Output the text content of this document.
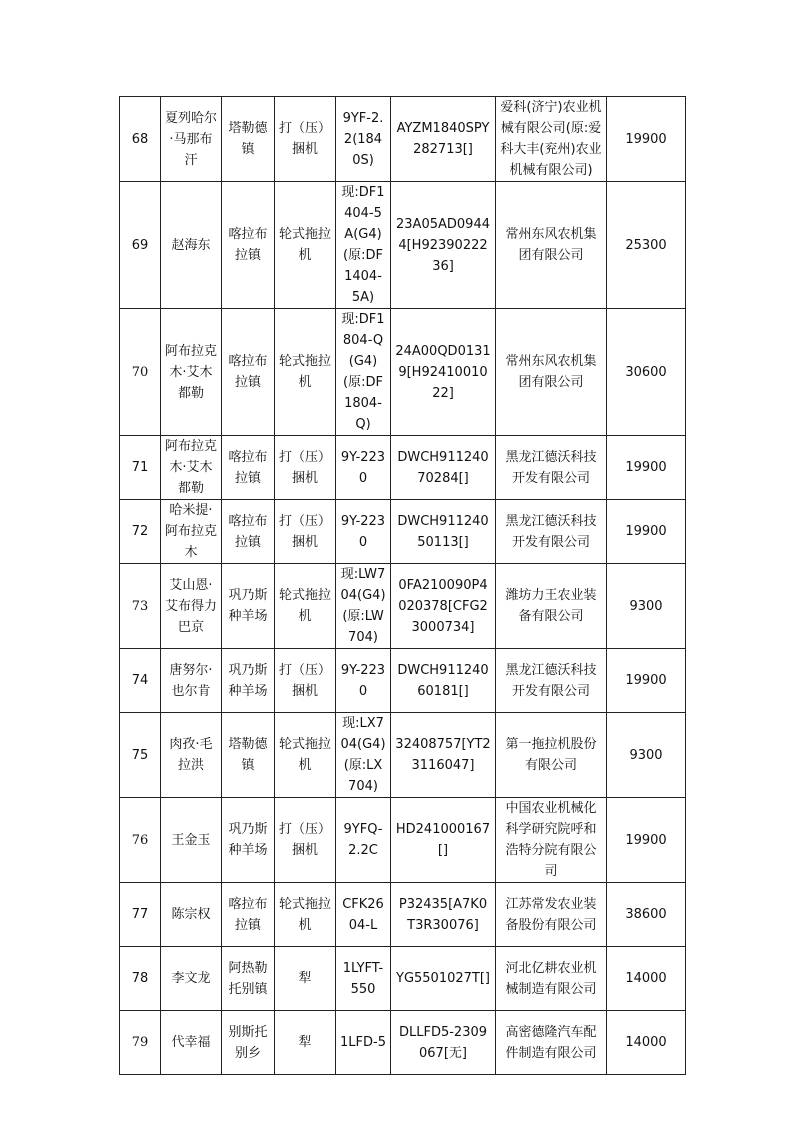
68	夏列哈尔·马那布汗	塔勒德镇	打（压）捆机	9YF-2.2(1840S)	AYZM1840SPY282713[]	爱科(济宁)农业机械有限公司(原:爱科大丰(兖州)农业机械有限公司)	19900
69	赵海东	喀拉布拉镇	轮式拖拉机	现:DF1404-5A(G4)(原:DF1404-5A)	23A05AD09444[H9239022236]	常州东风农机集团有限公司	25300
70	阿布拉克木·艾木都勒	喀拉布拉镇	轮式拖拉机	现:DF1804-Q(G4)(原:DF1804-Q)	24A00QD01319[H9241001022]	常州东风农机集团有限公司	30600
71	阿布拉克木·艾木都勒	喀拉布拉镇	打（压）捆机	9Y-2230	DWCH91124070284[]	黑龙江德沃科技开发有限公司	19900
72	哈米提·阿布拉克木	喀拉布拉镇	打（压）捆机	9Y-2230	DWCH91124050113[]	黑龙江德沃科技开发有限公司	19900
73	艾山恩·艾布得力巴京	巩乃斯种羊场	轮式拖拉机	现:LW704(G4)(原:LW704)	0FA210090P4020378[CFG23000734]	潍坊力王农业装备有限公司	9300
74	唐努尔·也尔肯	巩乃斯种羊场	打（压）捆机	9Y-2230	DWCH91124060181[]	黑龙江德沃科技开发有限公司	19900
75	肉孜·毛拉洪	塔勒德镇	轮式拖拉机	现:LX704(G4)(原:LX704)	32408757[YT23116047]	第一拖拉机股份有限公司	9300
76	王金玉	巩乃斯种羊场	打（压）捆机	9YFQ-2.2C	HD241000167[]	中国农业机械化科学研究院呼和浩特分院有限公司	19900
77	陈宗权	喀拉布拉镇	轮式拖拉机	CFK2604-L	P32435[A7K0T3R30076]	江苏常发农业装备股份有限公司	38600
78	李文龙	阿热勒托别镇	犁	1LYFT-550	YG5501027T[]	河北亿耕农业机械制造有限公司	14000
79	代幸福	别斯托别乡	犁	1LFD-5	DLLFD5-2309067[无]	高密德隆汽车配件制造有限公司	14000
